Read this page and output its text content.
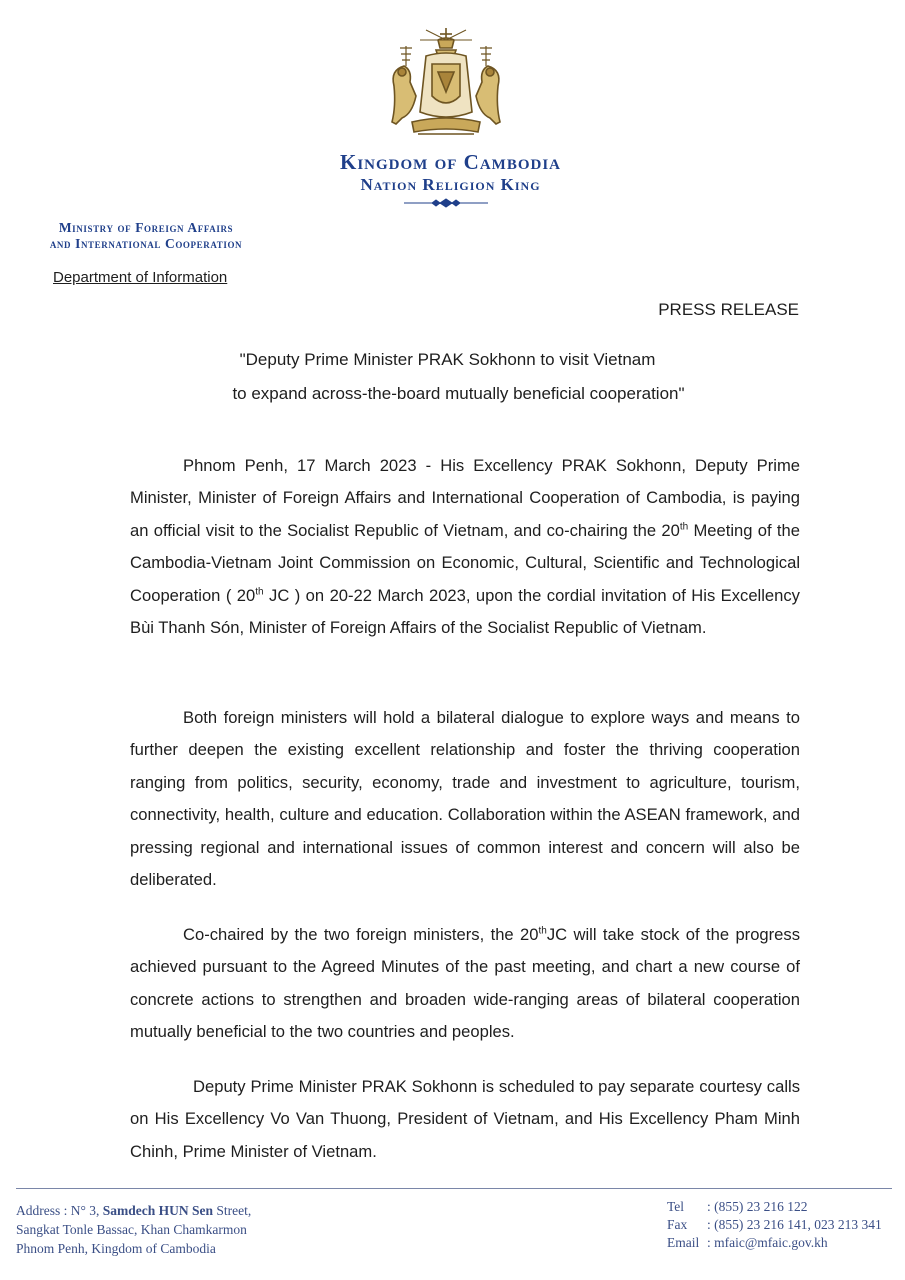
Kingdom of Cambodia
Nation Religion King
Ministry of Foreign Affairs
and International Cooperation
Department of Information
PRESS RELEASE
"Deputy Prime Minister PRAK Sokhonn to visit Vietnam
to expand across-the-board mutually beneficial cooperation"

Phnom Penh, 17 March 2023 - His Excellency PRAK Sokhonn, Deputy Prime Minister, Minister of Foreign Affairs and International Cooperation of Cambodia, is paying an official visit to the Socialist Republic of Vietnam, and co-chairing the 20th Meeting of the Cambodia-Vietnam Joint Commission on Economic, Cultural, Scientific and Technological Cooperation ( 20th JC ) on 20-22 March 2023, upon the cordial invitation of His Excellency Bùi Thanh Són, Minister of Foreign Affairs of the Socialist Republic of Vietnam.

Both foreign ministers will hold a bilateral dialogue to explore ways and means to further deepen the existing excellent relationship and foster the thriving cooperation ranging from politics, security, economy, trade and investment to agriculture, tourism, connectivity, health, culture and education. Collaboration within the ASEAN framework, and pressing regional and international issues of common interest and concern will also be deliberated.

Co-chaired by the two foreign ministers, the 20thJC will take stock of the progress achieved pursuant to the Agreed Minutes of the past meeting, and chart a new course of concrete actions to strengthen and broaden wide-ranging areas of bilateral cooperation mutually beneficial to the two countries and peoples.

Deputy Prime Minister PRAK Sokhonn is scheduled to pay separate courtesy calls on His Excellency Vo Van Thuong, President of Vietnam, and His Excellency Pham Minh Chinh, Prime Minister of Vietnam.

Address : N° 3, Samdech HUN Sen Street,
Sangkat Tonle Bassac, Khan Chamkarmon
Phnom Penh, Kingdom of Cambodia
Tel : (855) 23 216 122
Fax : (855) 23 216 141, 023 213 341
Email : mfaic@mfaic.gov.kh
